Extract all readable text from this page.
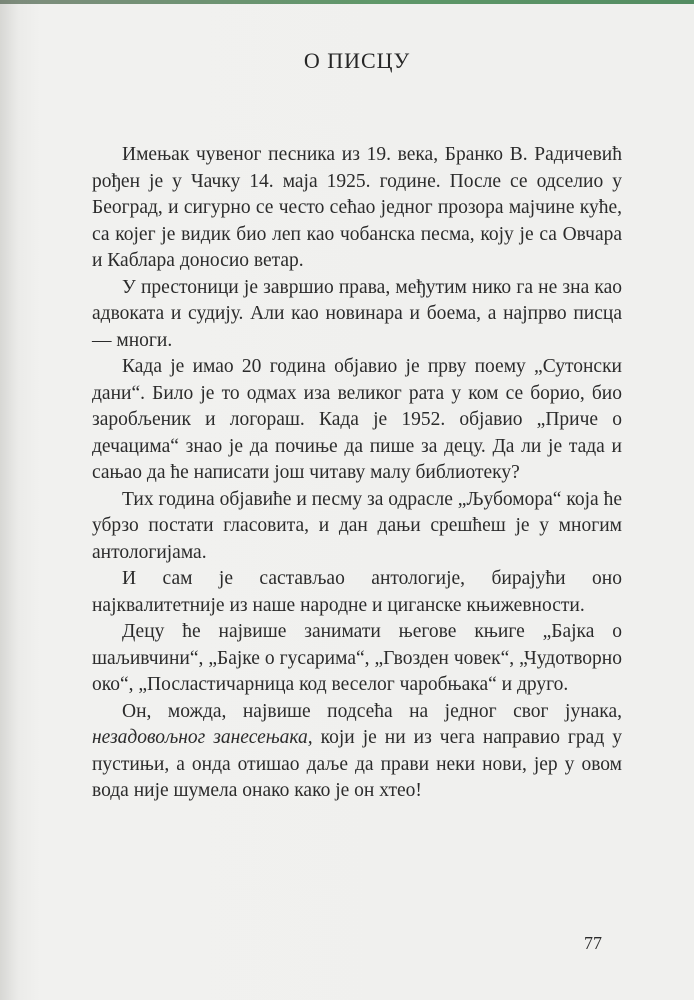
О ПИСЦУ

Имењак чувеног песника из 19. века, Бранко В. Радичевић рођен је у Чачку 14. маја 1925. године. После се одселио у Београд, и сигурно се често сећао једног прозора мајчине куће, са којег је видик био леп као чобанска песма, коју је са Овчара и Каблара доносио ветар.

У престоници је завршио права, међутим нико га не зна као адвоката и судију. Али као новинара и боема, а најпрво писца — многи.

Када је имао 20 година објавио је прву поему „Сутонски дани“. Било је то одмах иза великог рата у ком се борио, био заробљеник и логораш. Када је 1952. објавио „Приче о дечацима“ знао је да почиње да пише за децу. Да ли је тада и сањао да ће написати још читаву малу библиотеку?

Тих година објавиће и песму за одрасле „Љубомора“ која ће убрзо постати гласовита, и дан дањи срешћеш је у многим антологијама.

И сам је састављао антологије, бирајући оно најквалитетније из наше народне и циганске књижевности.

Децу ће највише занимати његове књиге „Бајка о шаљивчини“, „Бајке о гусарима“, „Гвозден човек“, „Чудотворно око“, „Посластичарница код веселог чаробњака“ и друго.

Он, можда, највише подсећа на једног свог јунака, незадовољног занесењака, који је ни из чега направио град у пустињи, а онда отишао даље да прави неки нови, јер у овом вода није шумела онако како је он хтео!

77
